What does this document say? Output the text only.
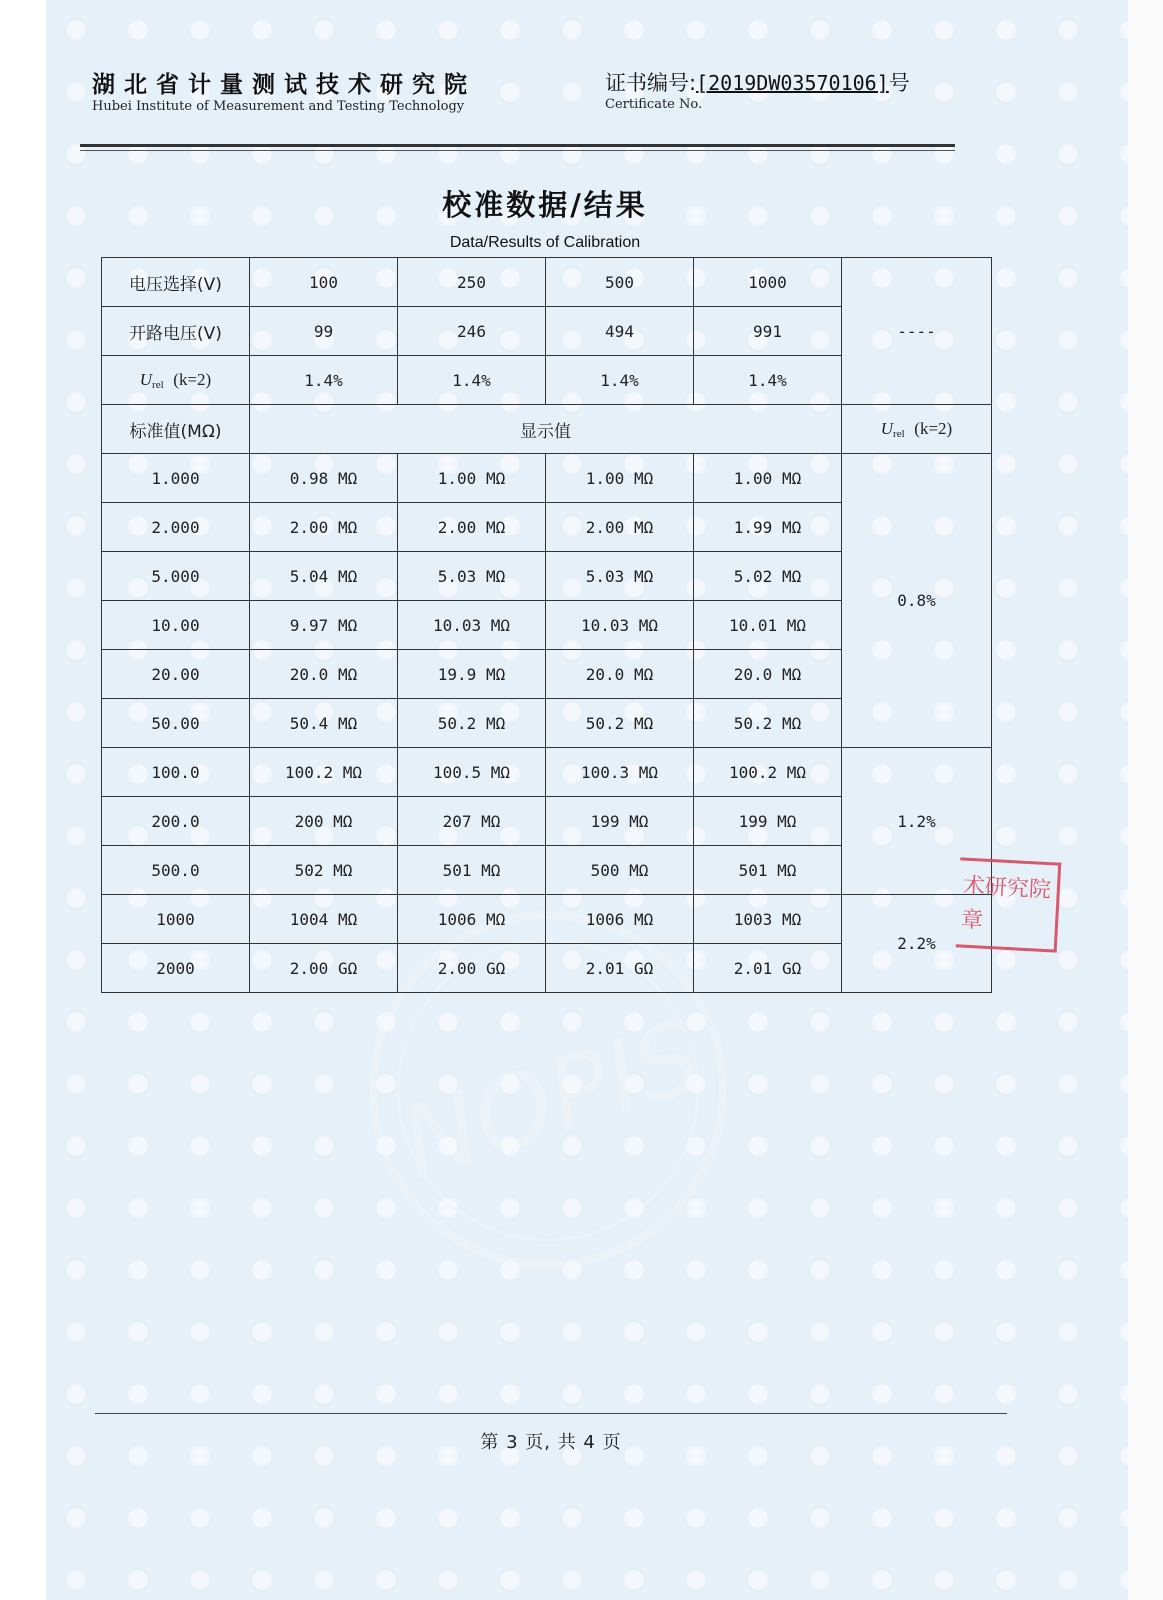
湖北省计量测试技术研究院
Hubei Institute of Measurement and Testing Technology
证书编号:[2019DW03570106]号
Certificate No.
校准数据/结果
Data/Results of Calibration
NOPIS
电压选择(V)	100	250	500	1000	----
开路电压(V)	99	246	494	991	
Urel (k=2)	1.4%	1.4%	1.4%	1.4%	
标准值(MΩ)	显示值				Urel (k=2)
1.000	0.98 MΩ	1.00 MΩ	1.00 MΩ	1.00 MΩ	0.8%
2.000	2.00 MΩ	2.00 MΩ	2.00 MΩ	1.99 MΩ	
5.000	5.04 MΩ	5.03 MΩ	5.03 MΩ	5.02 MΩ	
10.00	9.97 MΩ	10.03 MΩ	10.03 MΩ	10.01 MΩ	
20.00	20.0 MΩ	19.9 MΩ	20.0 MΩ	20.0 MΩ	
50.00	50.4 MΩ	50.2 MΩ	50.2 MΩ	50.2 MΩ	
100.0	100.2 MΩ	100.5 MΩ	100.3 MΩ	100.2 MΩ	1.2%
200.0	200 MΩ	207 MΩ	199 MΩ	199 MΩ	
500.0	502 MΩ	501 MΩ	500 MΩ	501 MΩ	
1000	1004 MΩ	1006 MΩ	1006 MΩ	1003 MΩ	2.2%
2000	2.00 GΩ	2.00 GΩ	2.01 GΩ	2.01 GΩ	
术研究院
章
第 3 页, 共 4 页
